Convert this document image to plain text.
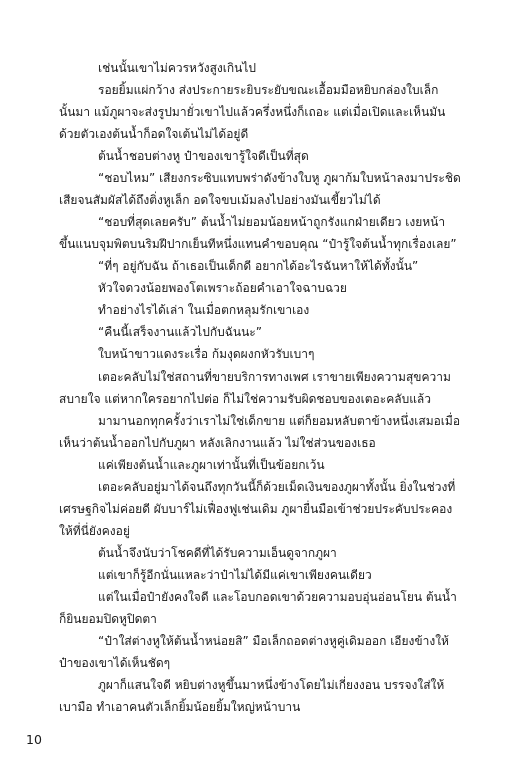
เช่นนั้นเขาไม่ควรหวังสูงเกินไป
รอยยิ้มแผ่กว้าง ส่งประกายระยิบระยับขณะเอื้อมมือหยิบกล่องใบเล็ก
นั้นมา แม้ภูผาจะส่งรูปมายั่วเขาไปแล้วครึ่งหนึ่งก็เถอะ แต่เมื่อเปิดและเห็นมัน
ด้วยตัวเองต้นน้ำก็อดใจเต้นไม่ได้อยู่ดี
ต้นน้ำชอบต่างหู ป๋าของเขารู้ใจดีเป็นที่สุด
“ชอบไหม” เสียงกระซิบแทบพร่าดังข้างใบหู ภูผาก้มใบหน้าลงมาประชิด
เสียจนสัมผัสได้ถึงติ่งหูเล็ก อดใจขบเม้มลงไปอย่างมันเขี้ยวไม่ได้
“ชอบที่สุดเลยครับ” ต้นน้ำไม่ยอมน้อยหน้าถูกรังแกฝ่ายเดียว เงยหน้า
ขึ้นแนบจุมพิตบนริมฝีปากเย็นทีหนึ่งแทนคำขอบคุณ “ป๋ารู้ใจต้นน้ำทุกเรื่องเลย”
“ที่ๆ อยู่กับฉัน ถ้าเธอเป็นเด็กดี อยากได้อะไรฉันหาให้ได้ทั้งนั้น”
หัวใจดวงน้อยพองโตเพราะถ้อยคำเอาใจฉาบฉวย
ทำอย่างไรได้เล่า ในเมื่อตกหลุมรักเขาเอง
“คืนนี้เสร็จงานแล้วไปกับฉันนะ”
ใบหน้าขาวแดงระเรื่อ ก้มงุดผงกหัวรับเบาๆ
เตอะคลับไม่ใช่สถานที่ขายบริการทางเพศ เราขายเพียงความสุขความ
สบายใจ แต่หากใครอยากไปต่อ ก็ไม่ใช่ความรับผิดชอบของเตอะคลับแล้ว
มามานอกทุกครั้งว่าเราไม่ใช่เด็กขาย แต่ก็ยอมหลับตาข้างหนึ่งเสมอเมื่อ
เห็นว่าต้นน้ำออกไปกับภูผา หลังเลิกงานแล้ว ไม่ใช่ส่วนของเธอ
แค่เพียงต้นน้ำและภูผาเท่านั้นที่เป็นข้อยกเว้น
เตอะคลับอยู่มาได้จนถึงทุกวันนี้ก็ด้วยเม็ดเงินของภูผาทั้งนั้น ยิ่งในช่วงที่
เศรษฐกิจไม่ค่อยดี ผับบาร์ไม่เฟื่องฟูเช่นเดิม ภูผายื่นมือเข้าช่วยประคับประคอง
ให้ที่นี่ยังคงอยู่
ต้นน้ำจึงนับว่าโชคดีที่ได้รับความเอ็นดูจากภูผา
แต่เขาก็รู้อีกนั่นแหละว่าป๋าไม่ได้มีแค่เขาเพียงคนเดียว
แต่ในเมื่อป๋ายังคงใจดี และโอบกอดเขาด้วยความอบอุ่นอ่อนโยน ต้นน้ำ
ก็ยินยอมปิดหูปิดตา
“ป๋าใส่ต่างหูให้ต้นน้ำหน่อยสิ” มือเล็กถอดต่างหูคู่เดิมออก เอียงข้างให้
ป๋าของเขาได้เห็นชัดๆ
ภูผาก็แสนใจดี หยิบต่างหูขึ้นมาหนึ่งข้างโดยไม่เกี่ยงงอน บรรจงใส่ให้
เบามือ ทำเอาคนตัวเล็กยิ้มน้อยยิ้มใหญ่หน้าบาน
10
